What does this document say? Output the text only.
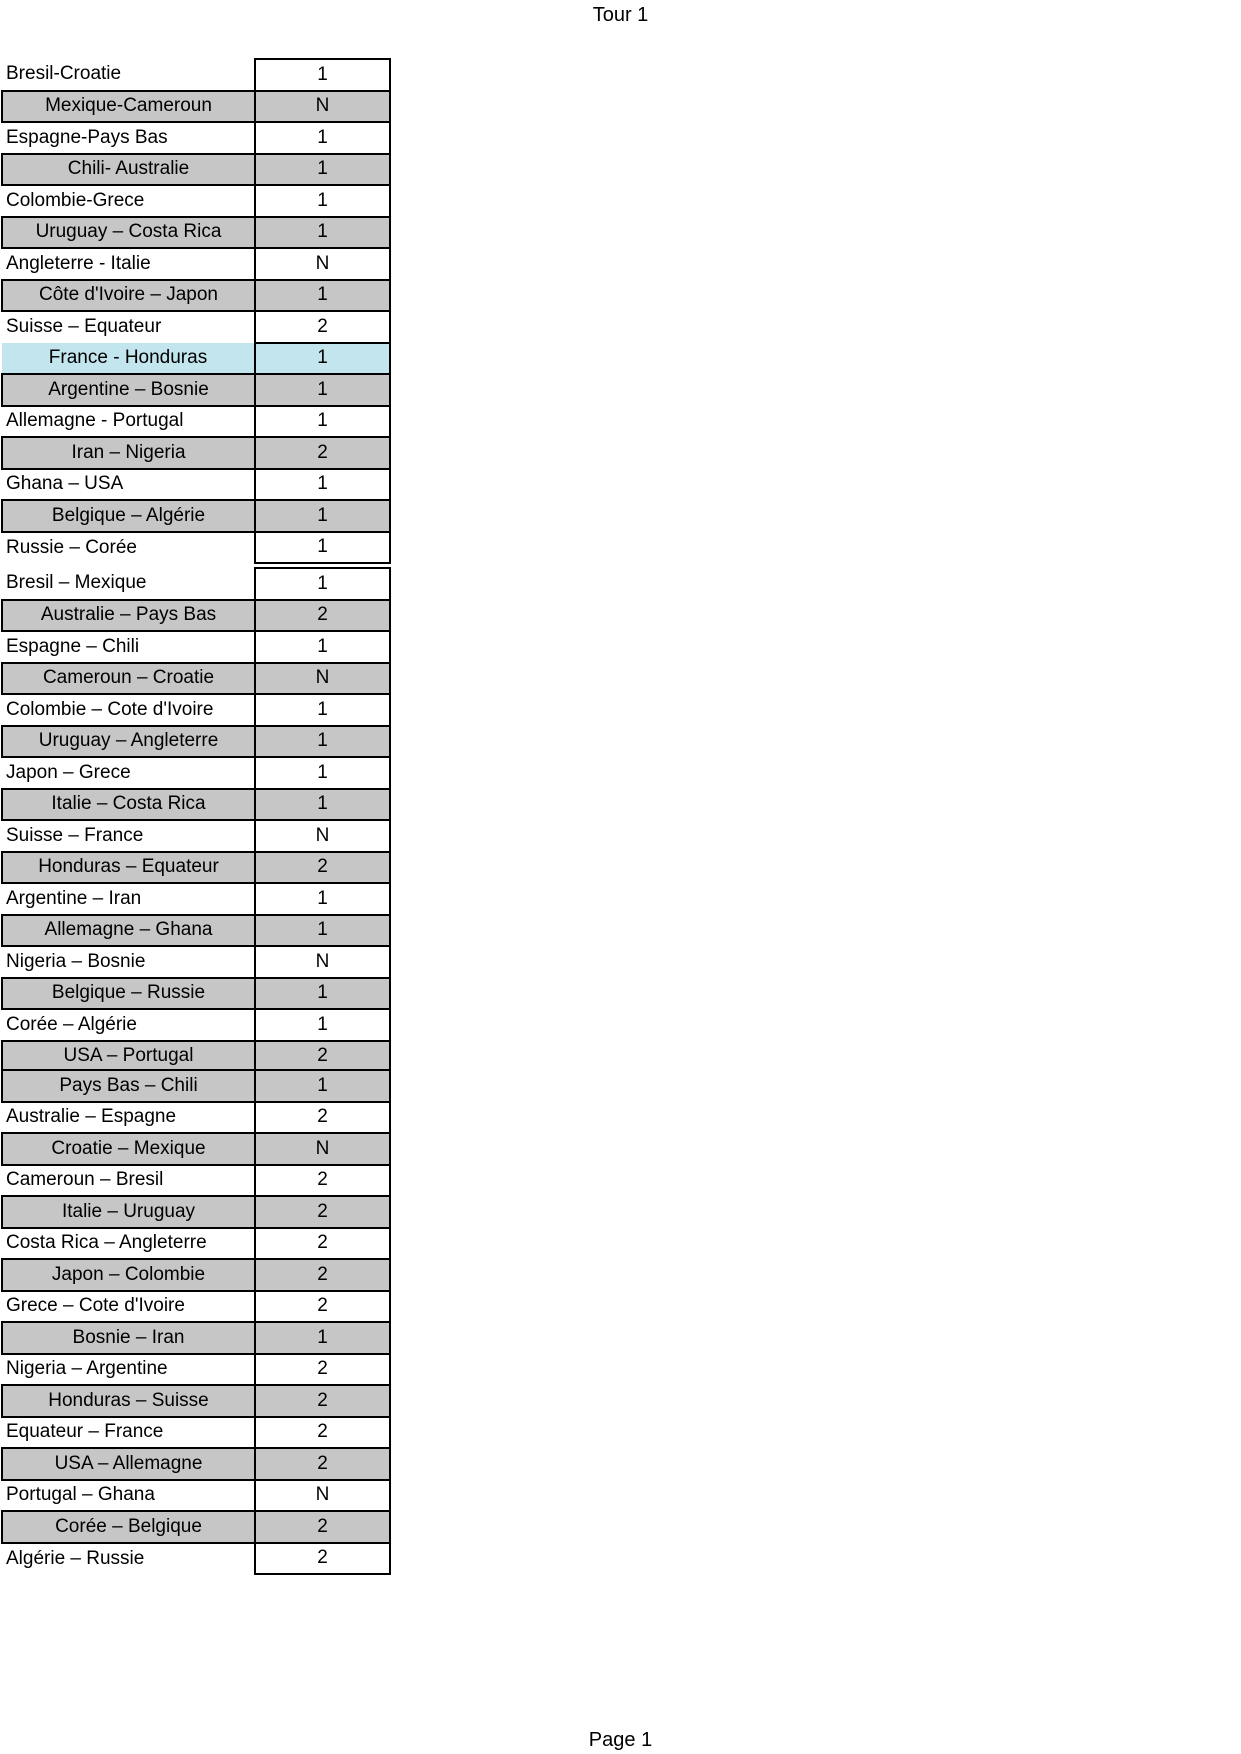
Tour 1
Bresil-Croatie	1
Mexique-Cameroun	N
Espagne-Pays Bas	1
Chili- Australie	1
Colombie-Grece	1
Uruguay – Costa Rica	1
Angleterre - Italie	N
Côte d'Ivoire – Japon	1
Suisse – Equateur	2
France - Honduras	1
Argentine – Bosnie	1
Allemagne - Portugal	1
Iran – Nigeria	2
Ghana – USA	1
Belgique – Algérie	1
Russie – Corée	1
Bresil – Mexique	1
Australie – Pays Bas	2
Espagne – Chili	1
Cameroun – Croatie	N
Colombie – Cote d'Ivoire	1
Uruguay – Angleterre	1
Japon – Grece	1
Italie – Costa Rica	1
Suisse – France	N
Honduras – Equateur	2
Argentine – Iran	1
Allemagne – Ghana	1
Nigeria – Bosnie	N
Belgique – Russie	1
Corée – Algérie	1
USA – Portugal	2
Pays Bas – Chili	1
Australie – Espagne	2
Croatie – Mexique	N
Cameroun – Bresil	2
Italie – Uruguay	2
Costa Rica – Angleterre	2
Japon – Colombie	2
Grece – Cote d'Ivoire	2
Bosnie – Iran	1
Nigeria – Argentine	2
Honduras – Suisse	2
Equateur – France	2
USA – Allemagne	2
Portugal – Ghana	N
Corée – Belgique	2
Algérie – Russie	2
Page 1
